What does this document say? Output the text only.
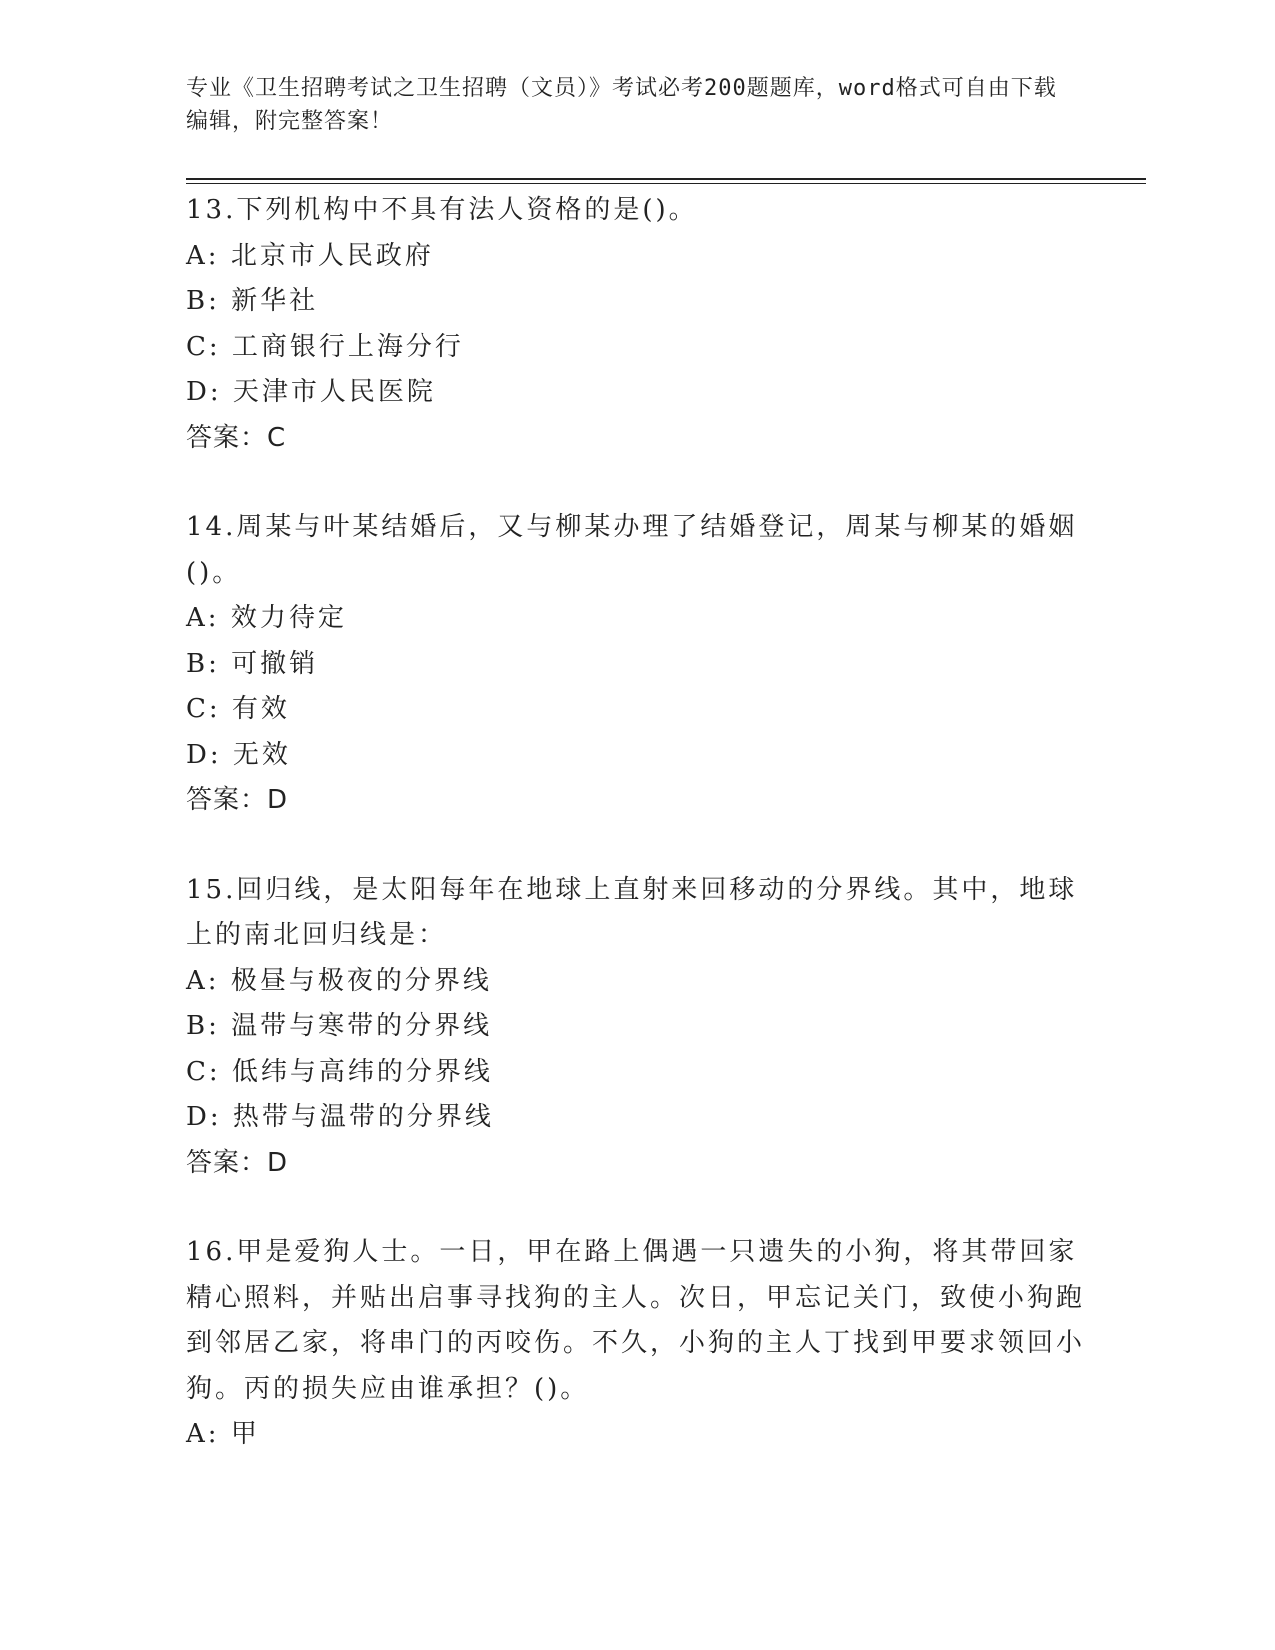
专业《卫生招聘考试之卫生招聘（文员）》考试必考200题题库，word格式可自由下载编辑，附完整答案！
13.下列机构中不具有法人资格的是()。
A: 北京市人民政府
B: 新华社
C: 工商银行上海分行
D: 天津市人民医院
答案：C
14.周某与叶某结婚后，又与柳某办理了结婚登记，周某与柳某的婚姻()。
A: 效力待定
B: 可撤销
C: 有效
D: 无效
答案：D
15.回归线，是太阳每年在地球上直射来回移动的分界线。其中，地球上的南北回归线是：
A: 极昼与极夜的分界线
B: 温带与寒带的分界线
C: 低纬与高纬的分界线
D: 热带与温带的分界线
答案：D
16.甲是爱狗人士。一日，甲在路上偶遇一只遗失的小狗，将其带回家精心照料，并贴出启事寻找狗的主人。次日，甲忘记关门，致使小狗跑到邻居乙家，将串门的丙咬伤。不久，小狗的主人丁找到甲要求领回小狗。丙的损失应由谁承担？()。
A: 甲
